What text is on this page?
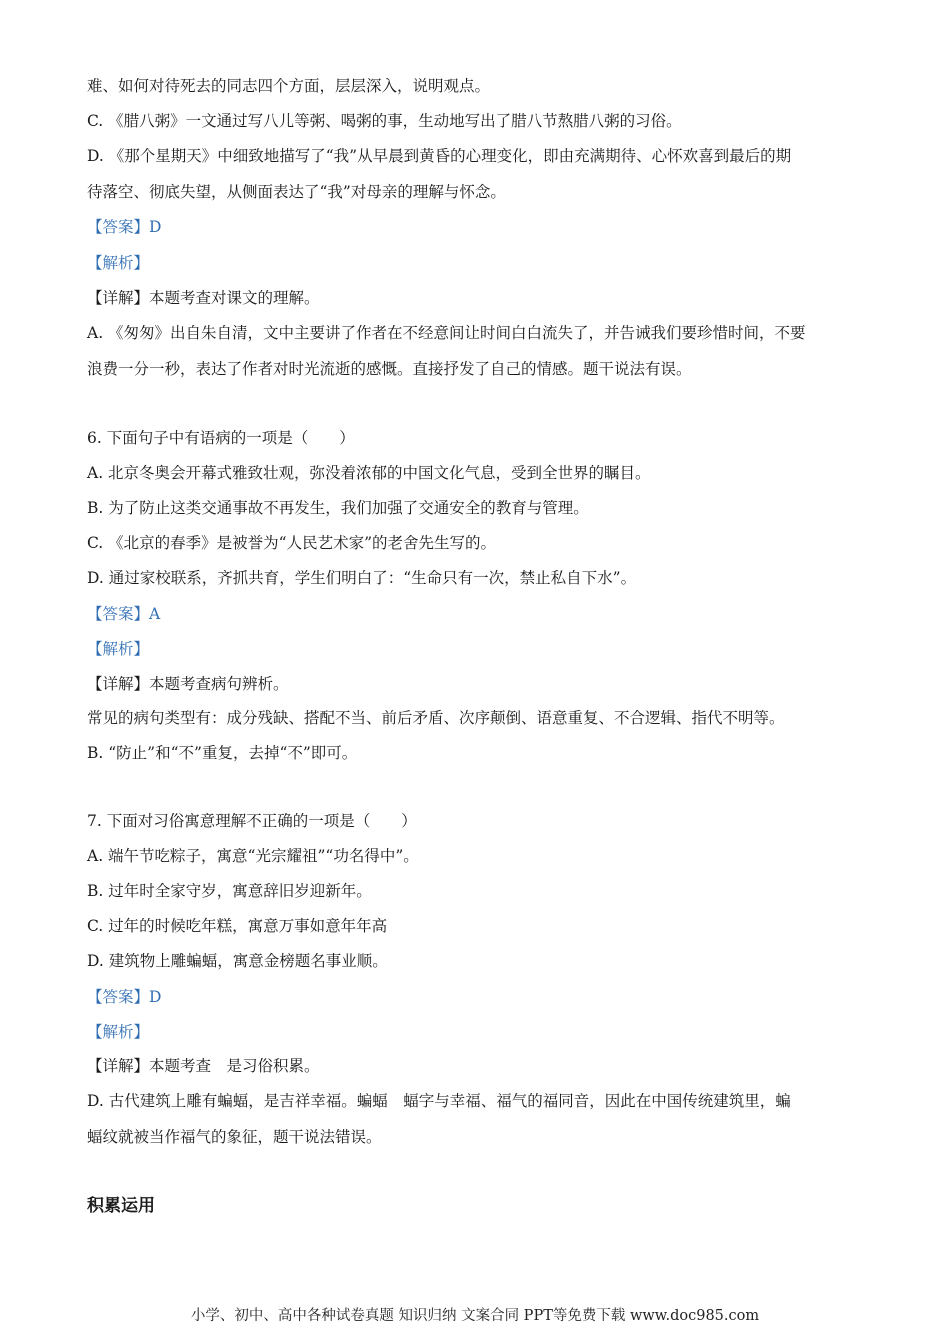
难、如何对待死去的同志四个方面，层层深入，说明观点。
C. 《腊八粥》一文通过写八儿等粥、喝粥的事，生动地写出了腊八节熬腊八粥的习俗。
D. 《那个星期天》中细致地描写了“我”从早晨到黄昏的心理变化，即由充满期待、心怀欢喜到最后的期
待落空、彻底失望，从侧面表达了“我”对母亲的理解与怀念。
【答案】D
【解析】
【详解】本题考查对课文的理解。
A. 《匆匆》出自朱自清，文中主要讲了作者在不经意间让时间白白流失了，并告诫我们要珍惜时间，不要
浪费一分一秒，表达了作者对时光流逝的感慨。直接抒发了自己的情感。题干说法有误。
6. 下面句子中有语病的一项是（　　）
A. 北京冬奥会开幕式雅致壮观，弥没着浓郁的中国文化气息，受到全世界的瞩目。
B. 为了防止这类交通事故不再发生，我们加强了交通安全的教育与管理。
C. 《北京的春季》是被誉为“人民艺术家”的老舍先生写的。
D. 通过家校联系，齐抓共育，学生们明白了：“生命只有一次，禁止私自下水”。
【答案】A
【解析】
【详解】本题考查病句辨析。
常见的病句类型有：成分残缺、搭配不当、前后矛盾、次序颠倒、语意重复、不合逻辑、指代不明等。
B. “防止”和“不”重复，去掉“不”即可。
7. 下面对习俗寓意理解不正确的一项是（　　）
A. 端午节吃粽子，寓意“光宗耀祖”“功名得中”。
B. 过年时全家守岁，寓意辞旧岁迎新年。
C. 过年的时候吃年糕，寓意万事如意年年高
D. 建筑物上雕蝙蝠，寓意金榜题名事业顺。
【答案】D
【解析】
【详解】本题考查　是习俗积累。
D. 古代建筑上雕有蝙蝠，是吉祥幸福。蝙蝠　蝠字与幸福、福气的福同音，因此在中国传统建筑里，蝙
蝠纹就被当作福气的象征，题干说法错误。
积累运用
小学、初中、高中各种试卷真题 知识归纳 文案合同 PPT等免费下载 www.doc985.com
